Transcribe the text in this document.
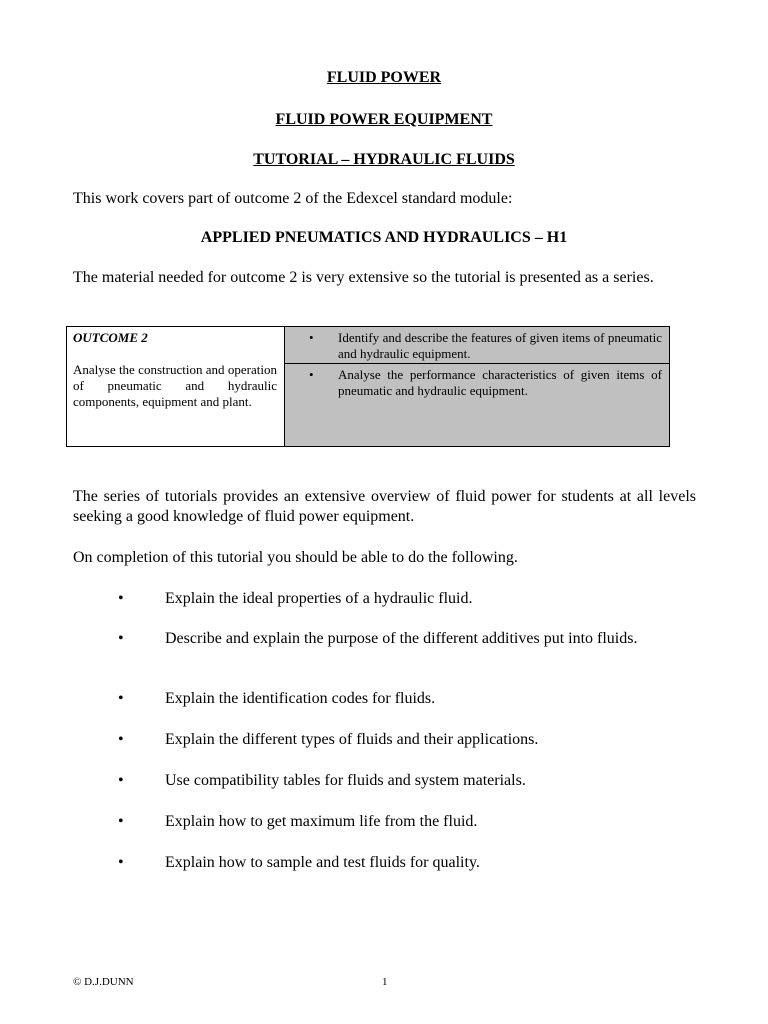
FLUID POWER
FLUID POWER EQUIPMENT
TUTORIAL – HYDRAULIC FLUIDS
This work covers part of outcome 2 of the Edexcel standard module:
APPLIED PNEUMATICS AND HYDRAULICS – H1
The material needed for outcome 2 is very extensive so the tutorial is presented as a series.
OUTCOME 2
Analyse the construction and operation of pneumatic and hydraulic components, equipment and plant.
• Identify and describe the features of given items of pneumatic and hydraulic equipment.
• Analyse the performance characteristics of given items of pneumatic and hydraulic equipment.
The series of tutorials provides an extensive overview of fluid power for students at all levels seeking a good knowledge of fluid power equipment.
On completion of this tutorial you should be able to do the following.
•	Explain the ideal properties of a hydraulic fluid.
•	Describe and explain the purpose of the different additives put into fluids.
•	Explain the identification codes for fluids.
•	Explain the different types of fluids and their applications.
•	Use compatibility tables for fluids and system materials.
•	Explain how to get maximum life from the fluid.
•	Explain how to sample and test fluids for quality.
© D.J.DUNN	1
